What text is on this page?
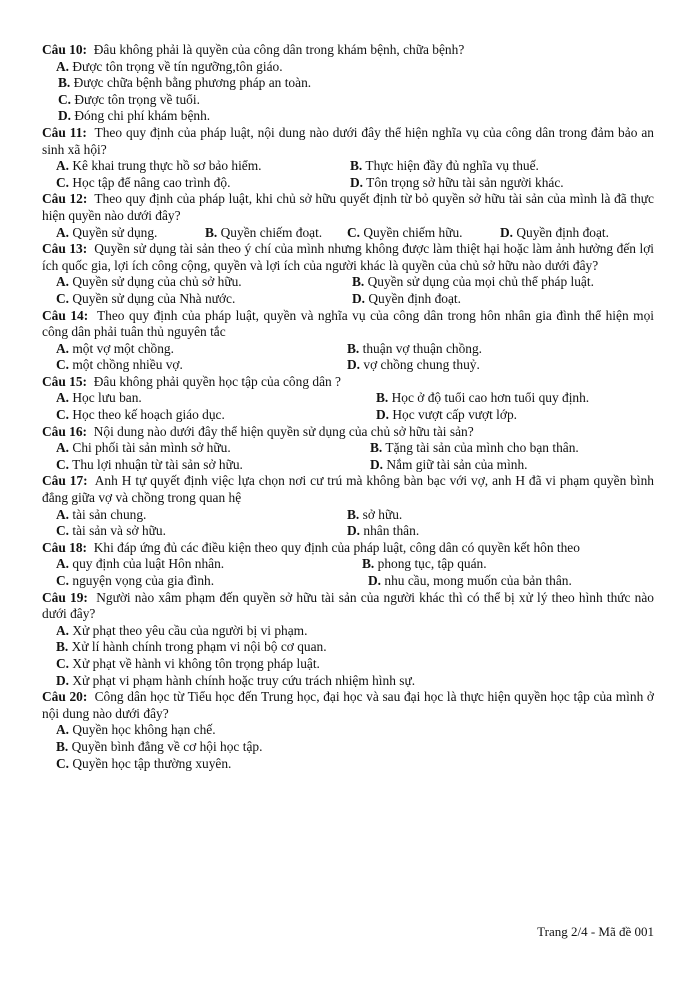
Câu 10: Đâu không phải là quyền của công dân trong khám bệnh, chữa bệnh?

A. Được tôn trọng về tín ngưỡng,tôn giáo.
B. Được chữa bệnh bằng phương pháp an toàn.
C. Được tôn trọng về tuổi.
D. Đóng chi phí khám bệnh.

Câu 11: Theo quy định của pháp luật, nội dung nào dưới đây thể hiện nghĩa vụ của công dân trong đảm bảo an sinh xã hội?

A. Kê khai trung thực hồ sơ bảo hiểm.	B. Thực hiện đầy đủ nghĩa vụ thuế.
C. Học tập để nâng cao trình độ.	D. Tôn trọng sở hữu tài sản người khác.

Câu 12: Theo quy định của pháp luật, khi chủ sở hữu quyết định từ bỏ quyền sở hữu tài sản của mình là đã thực hiện quyền nào dưới đây?

A. Quyền sử dụng.	B. Quyền chiếm đoạt.	C. Quyền chiếm hữu.	D. Quyền định đoạt.

Câu 13: Quyền sử dụng tài sản theo ý chí của mình nhưng không được làm thiệt hại hoặc làm ảnh hưởng đến lợi ích quốc gia, lợi ích công cộng, quyền và lợi ích của người khác là quyền của chủ sở hữu nào dưới đây?

A. Quyền sử dụng của chủ sở hữu.	B. Quyền sử dụng của mọi chủ thể pháp luật.
C. Quyền sử dụng của Nhà nước.	D. Quyền định đoạt.

Câu 14: Theo quy định của pháp luật, quyền và nghĩa vụ của công dân trong hôn nhân gia đình thể hiện mọi công dân phải tuân thủ nguyên tắc

A. một vợ một chồng.	B. thuận vợ thuận chồng.
C. một chồng nhiều vợ.	D. vợ chồng chung thuỷ.

Câu 15: Đâu không phải quyền học tập của công dân ?

A. Học lưu ban.	B. Học ở độ tuổi cao hơn tuổi quy định.
C. Học theo kế hoạch giáo dục.	D. Học vượt cấp vượt lớp.

Câu 16: Nội dung nào dưới đây thể hiện quyền sử dụng của chủ sở hữu tài sản?

A. Chi phối tài sản mình sở hữu.	B. Tặng tài sản của mình cho bạn thân.
C. Thu lợi nhuận từ tài sản sở hữu.	D. Nắm giữ tài sản của mình.

Câu 17: Anh H tự quyết định việc lựa chọn nơi cư trú mà không bàn bạc với vợ, anh H đã vi phạm quyền bình đẳng giữa vợ và chồng trong quan hệ

A. tài sản chung.	B. sở hữu.
C. tài sản và sở hữu.	D. nhân thân.

Câu 18: Khi đáp ứng đủ các điều kiện theo quy định của pháp luật, công dân có quyền kết hôn theo

A. quy định của luật Hôn nhân.	B. phong tục, tập quán.
C. nguyện vọng của gia đình.	D. nhu cầu, mong muốn của bản thân.

Câu 19: Người nào xâm phạm đến quyền sở hữu tài sản của người khác thì có thể bị xử lý theo hình thức nào dưới đây?

A. Xử phạt theo yêu cầu của người bị vi phạm.
B. Xử lí hành chính trong phạm vi nội bộ cơ quan.
C. Xử phạt về hành vi không tôn trọng pháp luật.
D. Xử phạt vi phạm hành chính hoặc truy cứu trách nhiệm hình sự.

Câu 20: Công dân học từ Tiểu học đến Trung học, đại học và sau đại học là thực hiện quyền học tập của mình ở nội dung nào dưới đây?

A. Quyền học không hạn chế.
B. Quyền bình đẳng về cơ hội học tập.
C. Quyền học tập thường xuyên.
Trang 2/4 - Mã đề 001
